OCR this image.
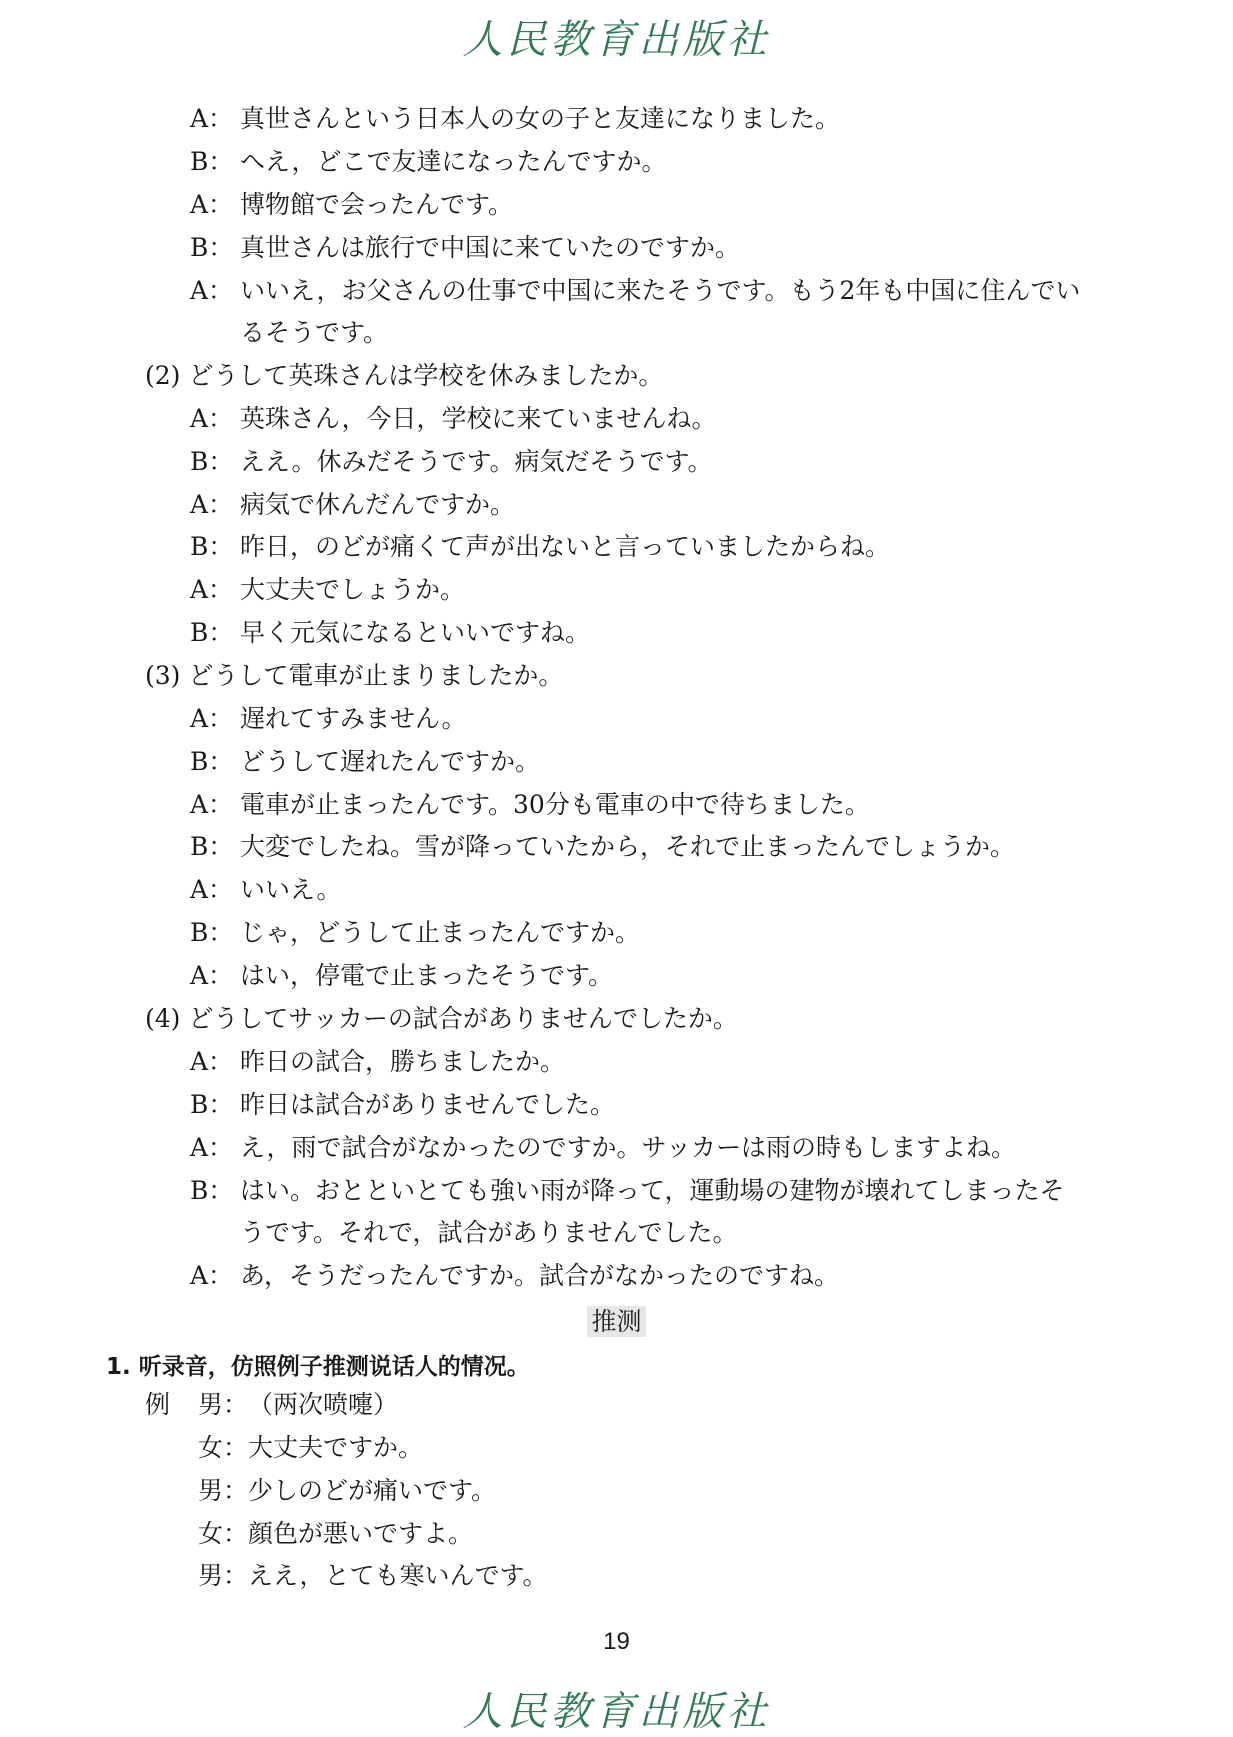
人民教育出版社
A： 真世さんという日本人の女の子と友達になりました。
B： へえ，どこで友達になったんですか。
A： 博物館で会ったんです。
B： 真世さんは旅行で中国に来ていたのですか。
A： いいえ，お父さんの仕事で中国に来たそうです。もう2年も中国に住んでい
るそうです。
(2) どうして英珠さんは学校を休みましたか。
A： 英珠さん，今日，学校に来ていませんね。
B： ええ。休みだそうです。病気だそうです。
A： 病気で休んだんですか。
B： 昨日，のどが痛くて声が出ないと言っていましたからね。
A： 大丈夫でしょうか。
B： 早く元気になるといいですね。
(3) どうして電車が止まりましたか。
A： 遅れてすみません。
B： どうして遅れたんですか。
A： 電車が止まったんです。30分も電車の中で待ちました。
B： 大変でしたね。雪が降っていたから，それで止まったんでしょうか。
A： いいえ。
B： じゃ，どうして止まったんですか。
A： はい，停電で止まったそうです。
(4) どうしてサッカーの試合がありませんでしたか。
A： 昨日の試合，勝ちましたか。
B： 昨日は試合がありませんでした。
A： え，雨で試合がなかったのですか。サッカーは雨の時もしますよね。
B： はい。おとといとても強い雨が降って，運動場の建物が壊れてしまったそ
うです。それで，試合がありませんでした。
A： あ，そうだったんですか。試合がなかったのですね。
推测
1. 听录音，仿照例子推测说话人的情况。
例 男：（两次喷嚏）
女：大丈夫ですか。
男：少しのどが痛いです。
女：顔色が悪いですよ。
男：ええ，とても寒いんです。
19
人民教育出版社
